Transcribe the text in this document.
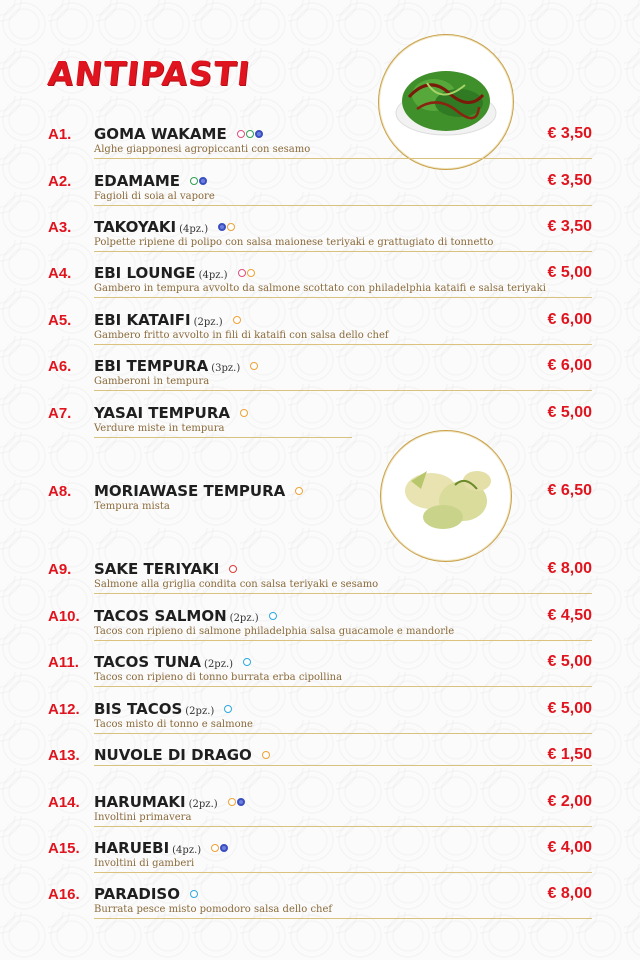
ANTIPASTI
A1. GOMA WAKAME	€ 3,50
Alghe giapponesi agropiccanti con sesamo
A2. EDAMAME	€ 3,50
Fagioli di soia al vapore
A3. TAKOYAKI (4pz.)	€ 3,50
Polpette ripiene di polipo con salsa maionese teriyaki e grattugiato di tonnetto
A4. EBI LOUNGE (4pz.)	€ 5,00
Gambero in tempura avvolto da salmone scottato con philadelphia kataifi e salsa teriyaki
A5. EBI KATAIFI (2pz.)	€ 6,00
Gambero fritto avvolto in fili di kataifi con salsa dello chef
A6. EBI TEMPURA (3pz.)	€ 6,00
Gamberoni in tempura
A7. YASAI TEMPURA	€ 5,00
Verdure miste in tempura
A8. MORIAWASE TEMPURA	€ 6,50
Tempura mista
A9. SAKE TERIYAKI	€ 8,00
Salmone alla griglia condita con salsa teriyaki e sesamo
A10. TACOS SALMON (2pz.)	€ 4,50
Tacos con ripieno di salmone philadelphia salsa guacamole e mandorle
A11. TACOS TUNA (2pz.)	€ 5,00
Tacos con ripieno di tonno burrata erba cipollina
A12. BIS TACOS (2pz.)	€ 5,00
Tacos misto di tonno e salmone
A13. NUVOLE DI DRAGO	€ 1,50
A14. HARUMAKI (2pz.)	€ 2,00
Involtini primavera
A15. HARUEBI (4pz.)	€ 4,00
Involtini di gamberi
A16. PARADISO	€ 8,00
Burrata pesce misto pomodoro salsa dello chef
